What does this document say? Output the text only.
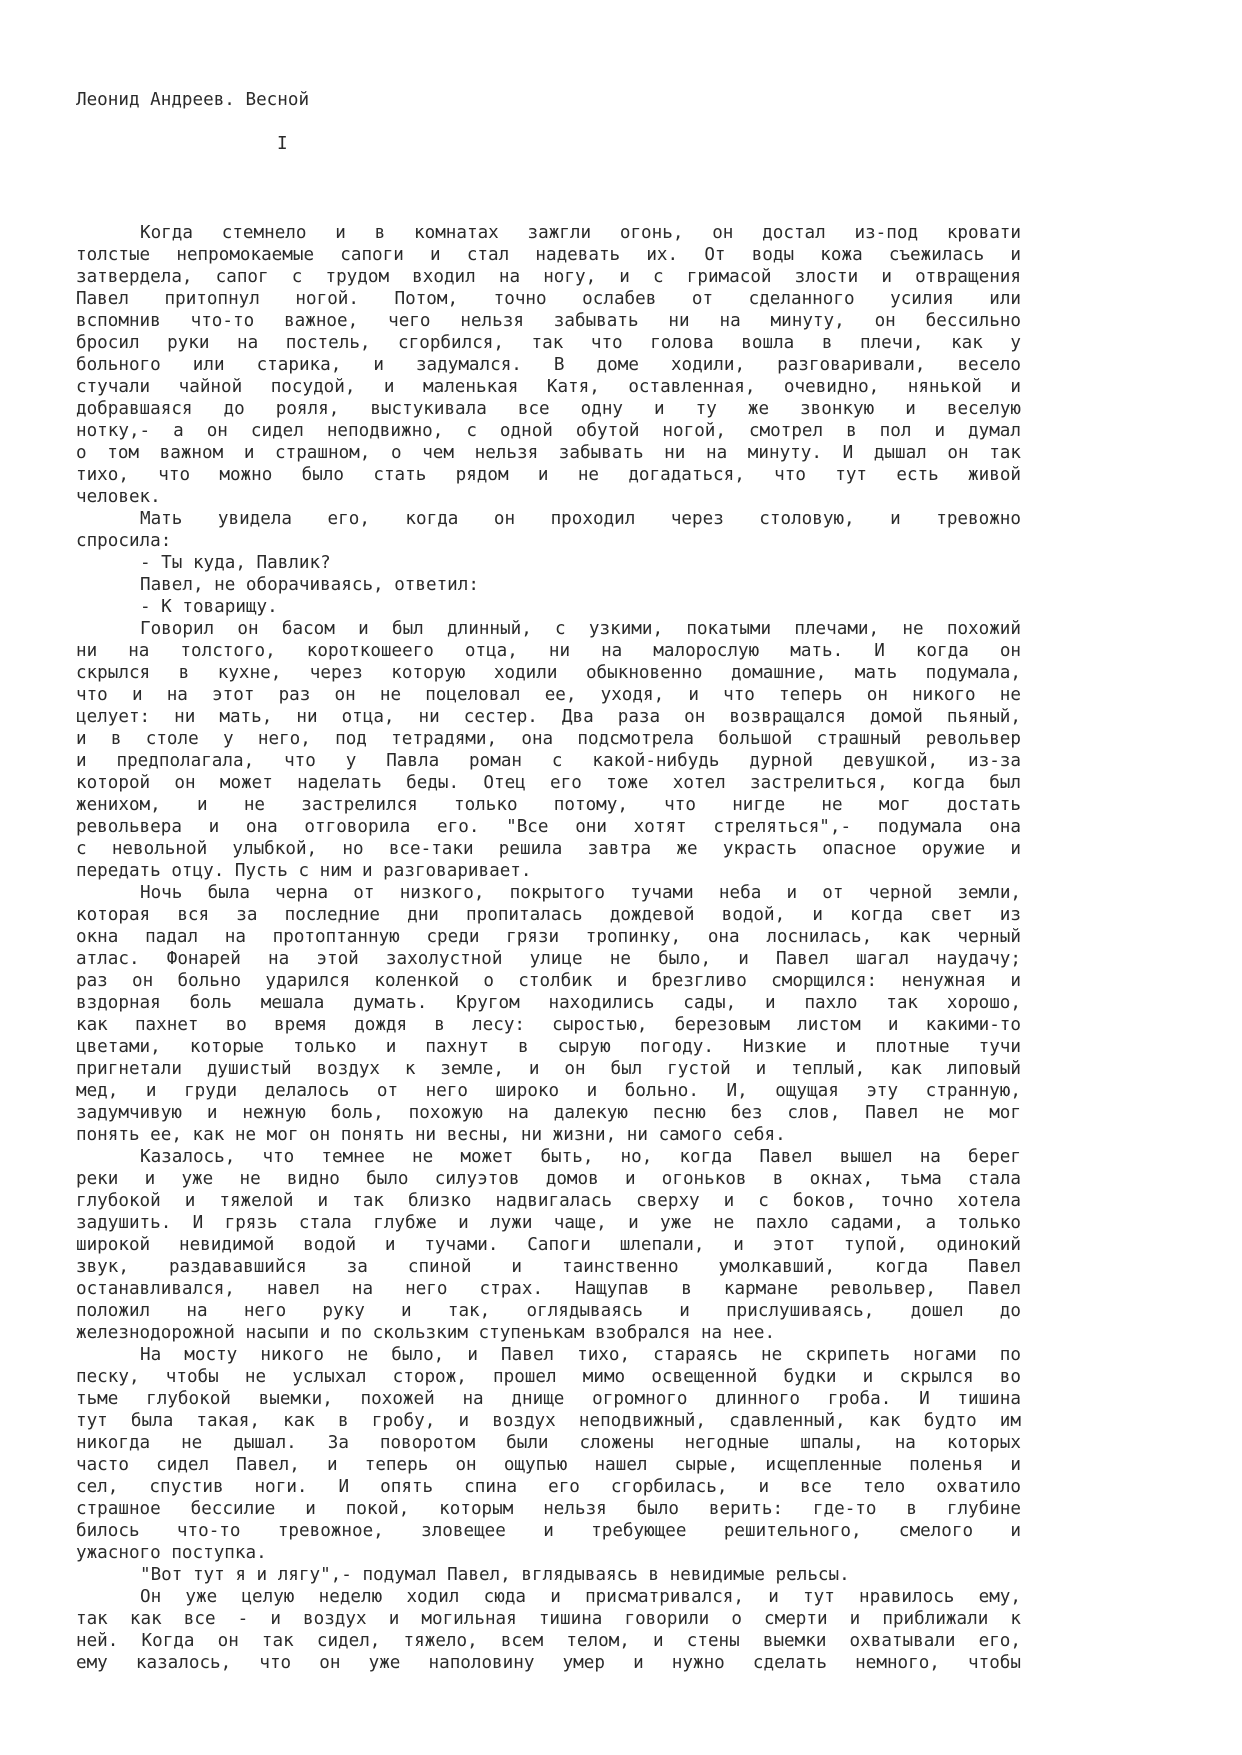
Леонид Андреев. Весной
I
Когда стемнело и в комнатах зажгли огонь, он достал из-под кровати
толстые непромокаемые сапоги и стал надевать их. От воды кожа съежилась и
затвердела, сапог с трудом входил на ногу, и с гримасой злости и отвращения
Павел притопнул ногой. Потом, точно ослабев от сделанного усилия или
вспомнив что-то важное, чего нельзя забывать ни на минуту, он бессильно
бросил руки на постель, сгорбился, так что голова вошла в плечи, как у
больного или старика, и задумался. В доме ходили, разговаривали, весело
стучали чайной посудой, и маленькая Катя, оставленная, очевидно, нянькой и
добравшаяся до рояля, выстукивала все одну и ту же звонкую и веселую
нотку,- а он сидел неподвижно, с одной обутой ногой, смотрел в пол и думал
о том важном и страшном, о чем нельзя забывать ни на минуту. И дышал он так
тихо, что можно было стать рядом и не догадаться, что тут есть живой
человек.
Мать увидела его, когда он проходил через столовую, и тревожно
спросила:
- Ты куда, Павлик?
Павел, не оборачиваясь, ответил:
- К товарищу.
Говорил он басом и был длинный, с узкими, покатыми плечами, не похожий
ни на толстого, короткошеего отца, ни на малорослую мать. И когда он
скрылся в кухне, через которую ходили обыкновенно домашние, мать подумала,
что и на этот раз он не поцеловал ее, уходя, и что теперь он никого не
целует: ни мать, ни отца, ни сестер. Два раза он возвращался домой пьяный,
и в столе у него, под тетрадями, она подсмотрела большой страшный револьвер
и предполагала, что у Павла роман с какой-нибудь дурной девушкой, из-за
которой он может наделать беды. Отец его тоже хотел застрелиться, когда был
женихом, и не застрелился только потому, что нигде не мог достать
револьвера и она отговорила его. "Все они хотят стреляться",- подумала она
с невольной улыбкой, но все-таки решила завтра же украсть опасное оружие и
передать отцу. Пусть с ним и разговаривает.
Ночь была черна от низкого, покрытого тучами неба и от черной земли,
которая вся за последние дни пропиталась дождевой водой, и когда свет из
окна падал на протоптанную среди грязи тропинку, она лоснилась, как черный
атлас. Фонарей на этой захолустной улице не было, и Павел шагал наудачу;
раз он больно ударился коленкой о столбик и брезгливо сморщился: ненужная и
вздорная боль мешала думать. Кругом находились сады, и пахло так хорошо,
как пахнет во время дождя в лесу: сыростью, березовым листом и какими-то
цветами, которые только и пахнут в сырую погоду. Низкие и плотные тучи
пригнетали душистый воздух к земле, и он был густой и теплый, как липовый
мед, и груди делалось от него широко и больно. И, ощущая эту странную,
задумчивую и нежную боль, похожую на далекую песню без слов, Павел не мог
понять ее, как не мог он понять ни весны, ни жизни, ни самого себя.
Казалось, что темнее не может быть, но, когда Павел вышел на берег
реки и уже не видно было силуэтов домов и огоньков в окнах, тьма стала
глубокой и тяжелой и так близко надвигалась сверху и с боков, точно хотела
задушить. И грязь стала глубже и лужи чаще, и уже не пахло садами, а только
широкой невидимой водой и тучами. Сапоги шлепали, и этот тупой, одинокий
звук, раздававшийся за спиной и таинственно умолкавший, когда Павел
останавливался, навел на него страх. Нащупав в кармане револьвер, Павел
положил на него руку и так, оглядываясь и прислушиваясь, дошел до
железнодорожной насыпи и по скользким ступенькам взобрался на нее.
На мосту никого не было, и Павел тихо, стараясь не скрипеть ногами по
песку, чтобы не услыхал сторож, прошел мимо освещенной будки и скрылся во
тьме глубокой выемки, похожей на днище огромного длинного гроба. И тишина
тут была такая, как в гробу, и воздух неподвижный, сдавленный, как будто им
никогда не дышал. За поворотом были сложены негодные шпалы, на которых
часто сидел Павел, и теперь он ощупью нашел сырые, исщепленные поленья и
сел, спустив ноги. И опять спина его сгорбилась, и все тело охватило
страшное бессилие и покой, которым нельзя было верить: где-то в глубине
билось что-то тревожное, зловещее и требующее решительного, смелого и
ужасного поступка.
"Вот тут я и лягу",- подумал Павел, вглядываясь в невидимые рельсы.
Он уже целую неделю ходил сюда и присматривался, и тут нравилось ему,
так как все - и воздух и могильная тишина говорили о смерти и приближали к
ней. Когда он так сидел, тяжело, всем телом, и стены выемки охватывали его,
ему казалось, что он уже наполовину умер и нужно сделать немного, чтобы
